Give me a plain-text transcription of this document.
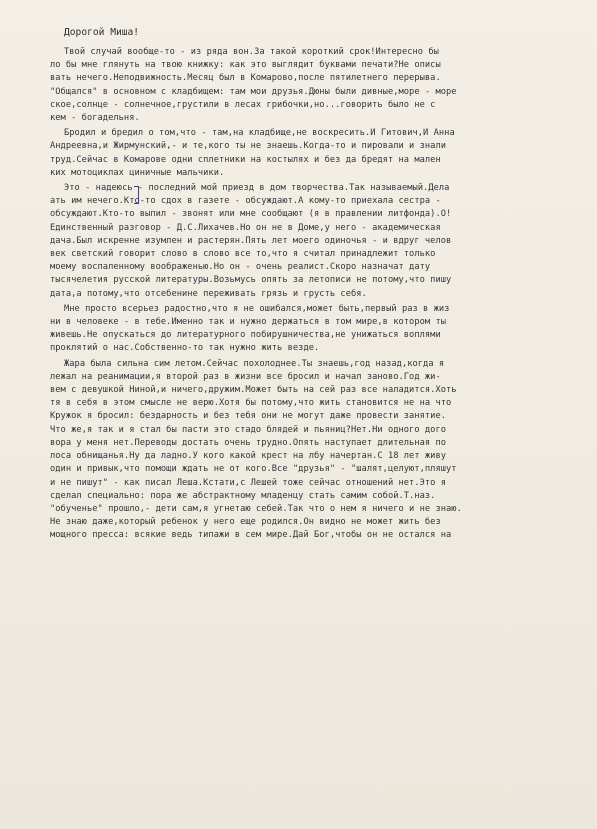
Дорогой Миша!
Твой случай вообще-то - из ряда вон.За такой короткий срок!Интересно бы
ло бы мне глянуть на твою книжку: как это выглядит буквами печати?Не описы
вать нечего.Неподвижность.Месяц был в Комарово,после пятилетнего перерыва.
"Общался" в основном с кладбищем: там мои друзья.Дюны были дивные,море - море
ское,солнце - солнечное,грустили в лесах грибочки,но...говорить было не с
кем - богадельня.
Бродил и бредил о том,что - там,на кладбище,не воскресить.И Гитович,И Анна
Андреевна,и Жирмунский,- и те,кого ты не знаешь.Когда-то и пировали и знали
труд.Сейчас в Комарове одни сплетники на костылях и без да бредят на мален
ких мотоциклах циничные мальчики.
Это - надеюсь - последний мой приезд в дом творчества.Так называемый.Дела
ать им нечего.Кто-то сдох в газете - обсуждают.А кому-то приехала сестра -
обсуждают.Кто-то выпил - звонят или мне сообщают (я в правлении литфонда).О!
Единственный разговор - Д.С.Лихачев.Но он не в Доме,у него - академическая
дача.Был искренне изумлен и растерян.Пять лет моего одиночья - и вдруг челов
век светский говорит слово в слово все то,что я считал принадлежит только
моему воспаленному воображенью.Но он - очень реалист.Скоро назначат дату
тысячелетия русской литературы.Возьмусь опять за летописи не потому,что пишу
дата,а потому,что отсебенине переживать грязь и грусть себя.
Мне просто всерьез радостно,что я не ошибался,может быть,первый раз в жиз
ни в человеке - в тебе.Именно так и нужно держаться в том мире,в котором ты
живешь.Не опускаться до литературного побирушничества,не унижаться воплями
проклятий о нас.Собственно-то так нужно жить везде.
Жара была сильна сим летом.Сейчас похолоднее.Ты знаешь,год назад,когда я
лежал на реанимации,я второй раз в жизни все бросил и начал заново.Год жи-
вем с девушкой Ниной,и ничего,дружим.Может быть на сей раз все наладится.Хоть
тя в себя в этом смысле не верю.Хотя бы потому,что жить становится не на что
Кружок я бросил: бездарность и без тебя они не могут даже провести занятие.
Что же,я так и я стал бы пасти это стадо блядей и пьяниц?Нет.Ни одного дого
вора у меня нет.Переводы достать очень трудно.Опять наступает длительная по
лоса обнищанья.Ну да ладно.У кого какой крест на лбу начертан.С 18 лет живу
один и привык,что помощи ждать не от кого.Все "друзья" - "шалят,целуют,пляшут
и не пишут" - как писал Леша.Кстати,с Лешей тоже сейчас отношений нет.Это я
сделал специально: пора же абстрактному младенцу стать самим собой.Т.наз.
"обученье" прошло,- дети сам,я угнетаю себей.Так что о нем я ничего и не знаю.
Не знаю даже,который ребенок у него еще родился.Он видно не может жить без
мощного пресса: всякие ведь типажи в сем мире.Дай Бог,чтобы он не остался на
